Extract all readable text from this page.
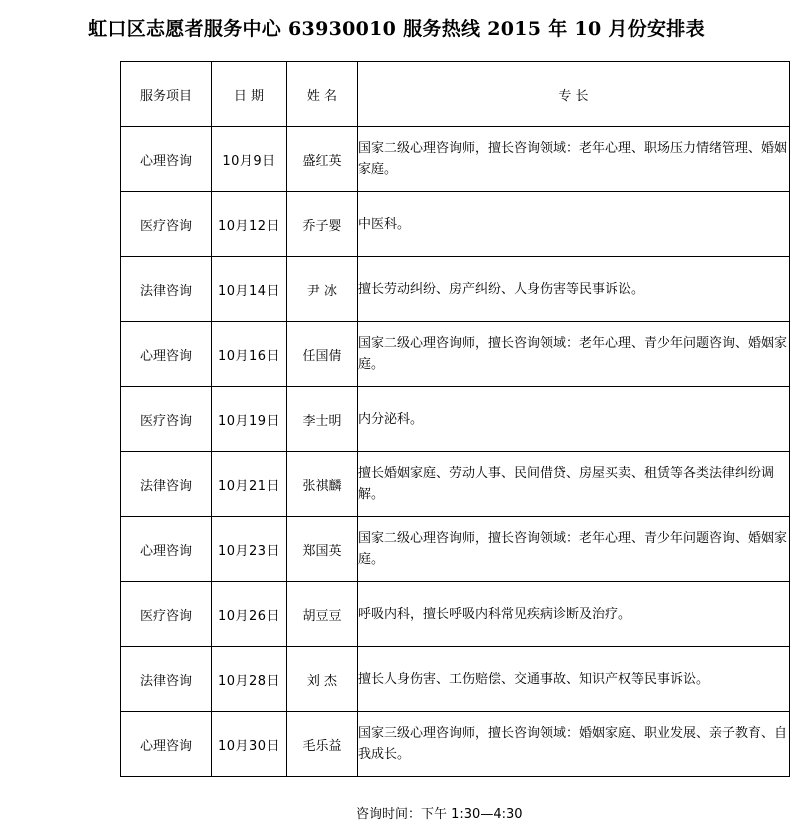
虹口区志愿者服务中心 63930010 服务热线 2015 年 10 月份安排表
服务项目	日 期	姓 名	专 长
心理咨询	10月9日	盛红英	国家二级心理咨询师，擅长咨询领域：老年心理、职场压力情绪管理、婚姻家庭。
医疗咨询	10月12日	乔子婴	中医科。
法律咨询	10月14日	尹 冰	擅长劳动纠纷、房产纠纷、人身伤害等民事诉讼。
心理咨询	10月16日	任国倩	国家二级心理咨询师，擅长咨询领域：老年心理、青少年问题咨询、婚姻家庭。
医疗咨询	10月19日	李士明	内分泌科。
法律咨询	10月21日	张祺麟	擅长婚姻家庭、劳动人事、民间借贷、房屋买卖、租赁等各类法律纠纷调解。
心理咨询	10月23日	郑国英	国家二级心理咨询师，擅长咨询领域：老年心理、青少年问题咨询、婚姻家庭。
医疗咨询	10月26日	胡豆豆	呼吸内科，擅长呼吸内科常见疾病诊断及治疗。
法律咨询	10月28日	刘 杰	擅长人身伤害、工伤赔偿、交通事故、知识产权等民事诉讼。
心理咨询	10月30日	毛乐益	国家三级心理咨询师，擅长咨询领域：婚姻家庭、职业发展、亲子教育、自我成长。
咨询时间：下午 1:30—4:30
